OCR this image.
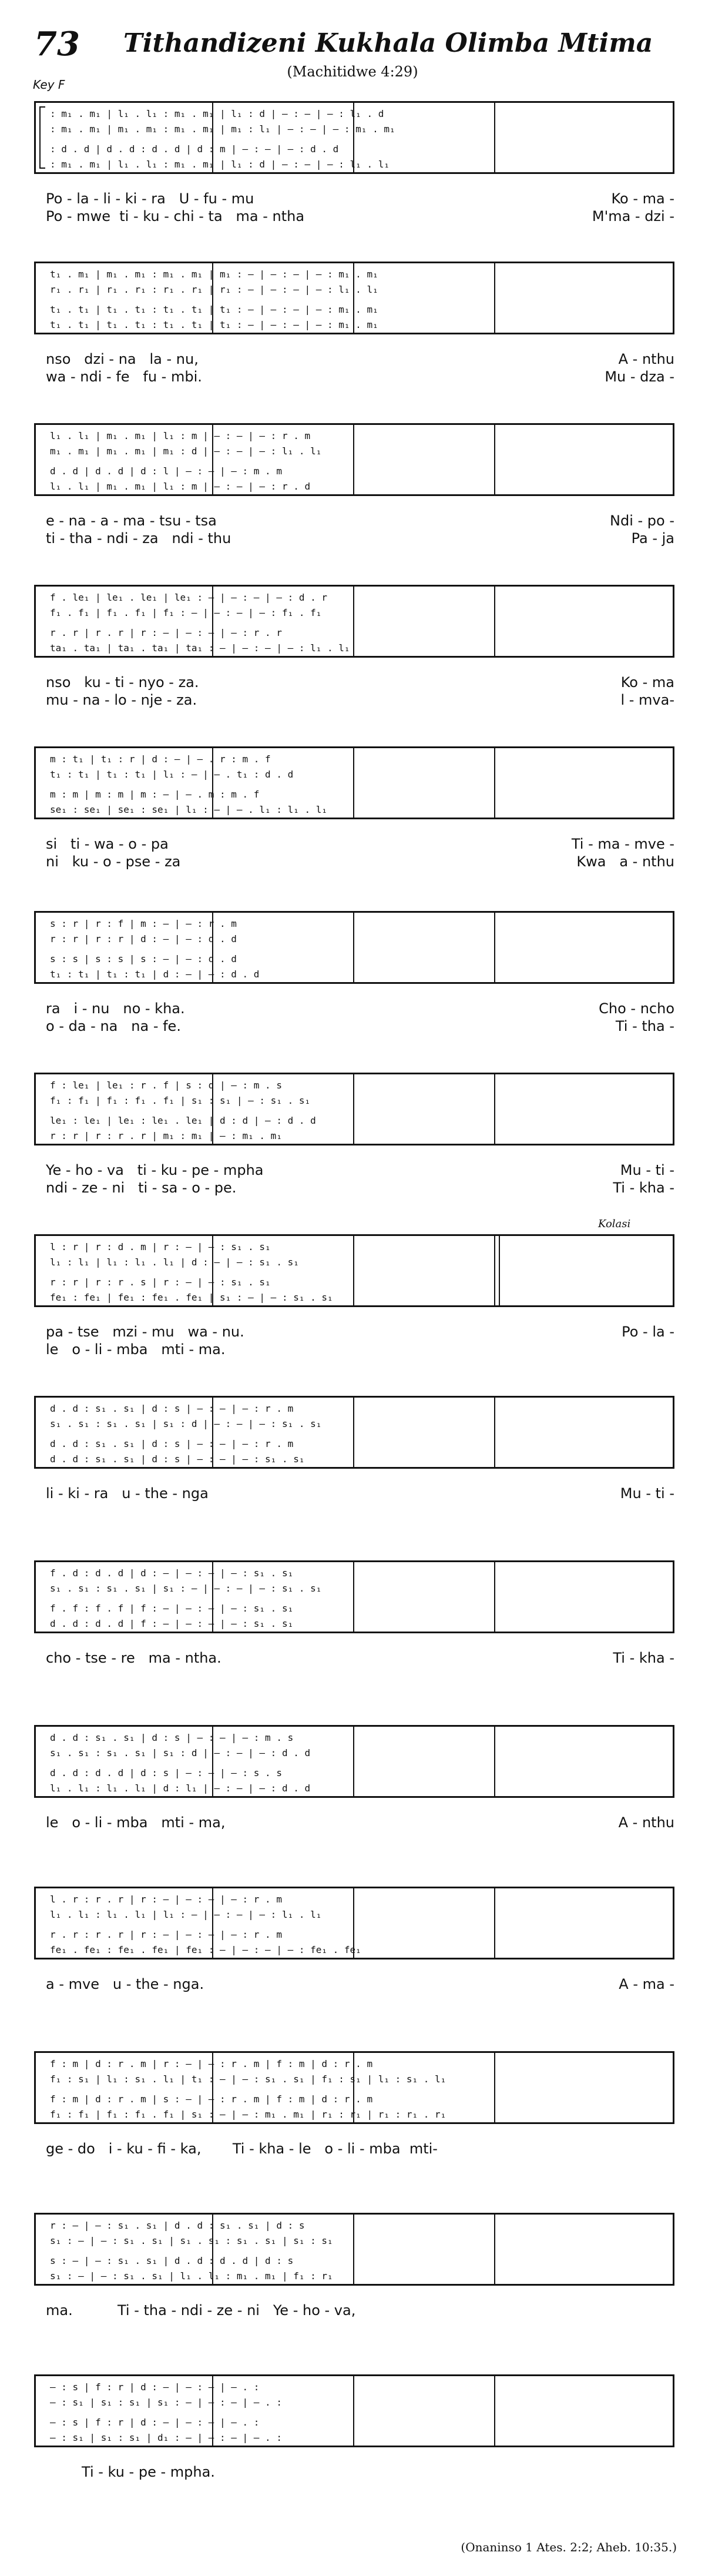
73 Tithandizeni Kukhala Olimba Mtima
(Machitidwe 4:29)
Key F
: m₁ . m₁ | l₁ . l₁ : m₁ . m₁ | l₁ : d | — : — | — : l₁ . d
: m₁ . m₁ | m₁ . m₁ : m₁ . m₁ | m₁ : l₁ | — : — | — : m₁ . m₁
: d . d | d . d : d . d | d : m | — : — | — : d . d
: m₁ . m₁ | l₁ . l₁ : m₁ . m₁ | l₁ : d | — : — | — : l₁ . l₁
Po - la - li - ki - ra   U - fu - mu
Po - mwe  ti - ku - chi - ta   ma - ntha
Ko - ma -
M'ma - dzi -
t₁ . m₁ | m₁ . m₁ : m₁ . m₁ | m₁ : — | — : — | — : m₁ . m₁
r₁ . r₁ | r₁ . r₁ : r₁ . r₁ | r₁ : — | — : — | — : l₁ . l₁
t₁ . t₁ | t₁ . t₁ : t₁ . t₁ | t₁ : — | — : — | — : m₁ . m₁
t₁ . t₁ | t₁ . t₁ : t₁ . t₁ | t₁ : — | — : — | — : m₁ . m₁
nso   dzi - na   la - nu,
wa - ndi - fe   fu - mbi.
A - nthu
Mu - dza -
l₁ . l₁ | m₁ . m₁ | l₁ : m | — : — | — : r . m
m₁ . m₁ | m₁ . m₁ | m₁ : d | — : — | — : l₁ . l₁
d . d | d . d | d : l | — : — | — : m . m
l₁ . l₁ | m₁ . m₁ | l₁ : m | — : — | — : r . d
e - na - a - ma - tsu - tsa
ti - tha - ndi - za   ndi - thu
Ndi - po -
Pa - ja
f . le₁ | le₁ . le₁ | le₁ : — | — : — | — : d . r
f₁ . f₁ | f₁ . f₁ | f₁ : — | — : — | — : f₁ . f₁
r . r | r . r | r : — | — : — | — : r . r
ta₁ . ta₁ | ta₁ . ta₁ | ta₁ : — | — : — | — : l₁ . l₁
nso   ku - ti - nyo - za.
mu - na - lo - nje - za.
Ko - ma
l - mva-
m : t₁ | t₁ : r | d : — | — . r : m . f
t₁ : t₁ | t₁ : t₁ | l₁ : — | — . t₁ : d . d
m : m | m : m | m : — | — . m : m . f
se₁ : se₁ | se₁ : se₁ | l₁ : — | — . l₁ : l₁ . l₁
si   ti - wa - o - pa
ni   ku - o - pse - za
Ti - ma - mve -
Kwa   a - nthu
s : r | r : f | m : — | — : r . m
r : r | r : r | d : — | — : d . d
s : s | s : s | s : — | — : d . d
t₁ : t₁ | t₁ : t₁ | d : — | — : d . d
ra   i - nu   no - kha.
o - da - na   na - fe.
Cho - ncho
Ti - tha -
f : le₁ | le₁ : r . f | s : d | — : m . s
f₁ : f₁ | f₁ : f₁ . f₁ | s₁ : s₁ | — : s₁ . s₁
le₁ : le₁ | le₁ : le₁ . le₁ | d : d | — : d . d
r : r | r : r . r | m₁ : m₁ | — : m₁ . m₁
Ye - ho - va   ti - ku - pe - mpha
ndi - ze - ni   ti - sa - o - pe.
Mu - ti -
Ti - kha -
Kolasi
l : r | r : d . m | r : — | — : s₁ . s₁
l₁ : l₁ | l₁ : l₁ . l₁ | d : — | — : s₁ . s₁
r : r | r : r . s | r : — | — : s₁ . s₁
fe₁ : fe₁ | fe₁ : fe₁ . fe₁ | s₁ : — | — : s₁ . s₁
pa - tse   mzi - mu   wa - nu.
le   o - li - mba   mti - ma.
Po - la -
d . d : s₁ . s₁ | d : s | — : — | — : r . m
s₁ . s₁ : s₁ . s₁ | s₁ : d | — : — | — : s₁ . s₁
d . d : s₁ . s₁ | d : s | — : — | — : r . m
d . d : s₁ . s₁ | d : s | — : — | — : s₁ . s₁
li - ki - ra   u - the - nga	Mu - ti -
f . d : d . d | d : — | — : — | — : s₁ . s₁
s₁ . s₁ : s₁ . s₁ | s₁ : — | — : — | — : s₁ . s₁
f . f : f . f | f : — | — : — | — : s₁ . s₁
d . d : d . d | f : — | — : — | — : s₁ . s₁
cho - tse - re   ma - ntha.	Ti - kha -
d . d : s₁ . s₁ | d : s | — : — | — : m . s
s₁ . s₁ : s₁ . s₁ | s₁ : d | — : — | — : d . d
d . d : d . d | d : s | — : — | — : s . s
l₁ . l₁ : l₁ . l₁ | d : l₁ | — : — | — : d . d
le   o - li - mba   mti - ma,	A - nthu
l . r : r . r | r : — | — : — | — : r . m
l₁ . l₁ : l₁ . l₁ | l₁ : — | — : — | — : l₁ . l₁
r . r : r . r | r : — | — : — | — : r . m
fe₁ . fe₁ : fe₁ . fe₁ | fe₁ : — | — : — | — : fe₁ . fe₁
a - mve   u - the - nga.	A - ma -
f : m | d : r . m | r : — | — : r . m | f : m | d : r . m
f₁ : s₁ | l₁ : s₁ . l₁ | t₁ : — | — : s₁ . s₁ | f₁ : s₁ | l₁ : s₁ . l₁
f : m | d : r . m | s : — | — : r . m | f : m | d : r . m
f₁ : f₁ | f₁ : f₁ . f₁ | s₁ : — | — : m₁ . m₁ | r₁ : r₁ | r₁ : r₁ . r₁
ge - do   i - ku - fi - ka,       Ti - kha - le   o - li - mba  mti-
r : — | — : s₁ . s₁ | d . d : s₁ . s₁ | d : s
s₁ : — | — : s₁ . s₁ | s₁ . s₁ : s₁ . s₁ | s₁ : s₁
s : — | — : s₁ . s₁ | d . d : d . d | d : s
s₁ : — | — : s₁ . s₁ | l₁ . l₁ : m₁ . m₁ | f₁ : r₁
ma.          Ti - tha - ndi - ze - ni   Ye - ho - va,
— : s | f : r | d : — | — : — | — . :
— : s₁ | s₁ : s₁ | s₁ : — | — : — | — . :
— : s | f : r | d : — | — : — | — . :
— : s₁ | s₁ : s₁ | d₁ : — | — : — | — . :
Ti - ku - pe - mpha.
(Onaninso 1 Ates. 2:2; Aheb. 10:35.)
